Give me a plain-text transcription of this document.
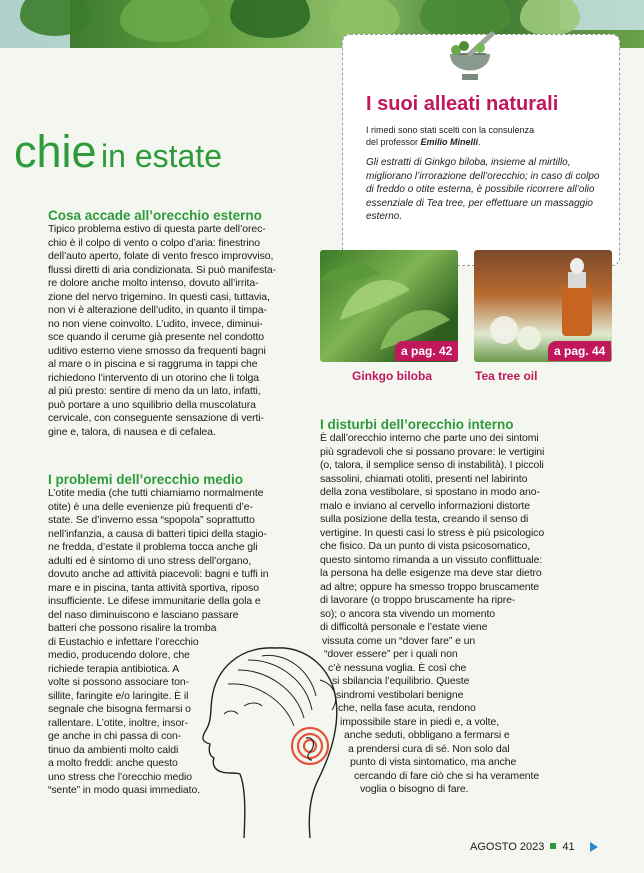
chie in estate
Cosa accade all’orecchio esterno
Tipico problema estivo di questa parte dell’orec-
chio è il colpo di vento o colpo d’aria: finestrino
dell’auto aperto, folate di vento fresco improvviso,
flussi diretti di aria condizionata. Si può manifesta-
re dolore anche molto intenso, dovuto all’irrita-
zione del nervo trigemino. In questi casi, tuttavia,
non vi è alterazione dell’udito, in quanto il timpa-
no non viene coinvolto. L’udito, invece, diminui-
sce quando il cerume già presente nel condotto
uditivo esterno viene smosso da frequenti bagni
al mare o in piscina e si raggruma in tappi che
richiedono l’intervento di un otorino che li tolga
al più presto: sentire di meno da un lato, infatti,
può portare a uno squilibrio della muscolatura
cervicale, con conseguente sensazione di verti-
gine e, talora, di nausea e di cefalea.
I problemi dell’orecchio medio
L’otite media (che tutti chiamiamo normalmente
otite) è una delle evenienze più frequenti d’e-
state. Se d’inverno essa “spopola” soprattutto
nell’infanzia, a causa di batteri tipici della stagio-
ne fredda, d’estate il problema tocca anche gli
adulti ed è sintomo di uno stress dell’organo,
dovuto anche ad attività piacevoli: bagni e tuffi in
mare e in piscina, tanta attività sportiva, riposo
insufficiente. Le difese immunitarie della gola e
del naso diminuiscono e lasciano passare
batteri che possono risalire la tromba
di Eustachio e infettare l’orecchio
medio, producendo dolore, che
richiede terapia antibiotica. A
volte si possono associare ton-
sillite, faringite e/o laringite. È il
segnale che bisogna fermarsi o
rallentare. L’otite, inoltre, insor-
ge anche in chi passa di con-
tinuo da ambienti molto caldi
a molto freddi: anche questo
uno stress che l’orecchio medio
“sente” in modo quasi immediato.
I suoi alleati naturali
I rimedi sono stati scelti con la consulenza
del professor Emilio Minelli.
Gli estratti di Ginkgo biloba, insieme al mirtillo, migliorano l’irrorazione dell’orecchio; in caso di colpo di freddo o otite esterna, è possibile ricorrere all’olio essenziale di Tea tree, per effettuare un massaggio esterno.
a pag. 42
Ginkgo biloba
a pag. 44
Tea tree oil
I disturbi dell’orecchio interno
È dall’orecchio interno che parte uno dei sintomi
più sgradevoli che si possano provare: le vertigini
(o, talora, il semplice senso di instabilità). I piccoli
sassolini, chiamati otoliti, presenti nel labirinto
della zona vestibolare, si spostano in modo ano-
malo e inviano al cervello informazioni distorte
sulla posizione della testa, creando il senso di
vertigine. In questi casi lo stress è più psicologico
che fisico. Da un punto di vista psicosomatico,
questo sintomo rimanda a un vissuto conflittuale:
la persona ha delle esigenze ma deve star dietro
ad altre; oppure ha smesso troppo bruscamente
di lavorare (o troppo bruscamente ha ripre-
so); o ancora sta vivendo un momento
di difficoltà personale e l’estate viene
vissuta come un “dover fare” e un
“dover essere” per i quali non
c’è nessuna voglia. È così che
si sbilancia l’equilibrio. Queste
sindromi vestibolari benigne
che, nella fase acuta, rendono
impossibile stare in piedi e, a volte,
anche seduti, obbligano a fermarsi e
a prendersi cura di sé. Non solo dal
punto di vista sintomatico, ma anche
cercando di fare ciò che si ha veramente
voglia o bisogno di fare.
AGOSTO 2023 41
